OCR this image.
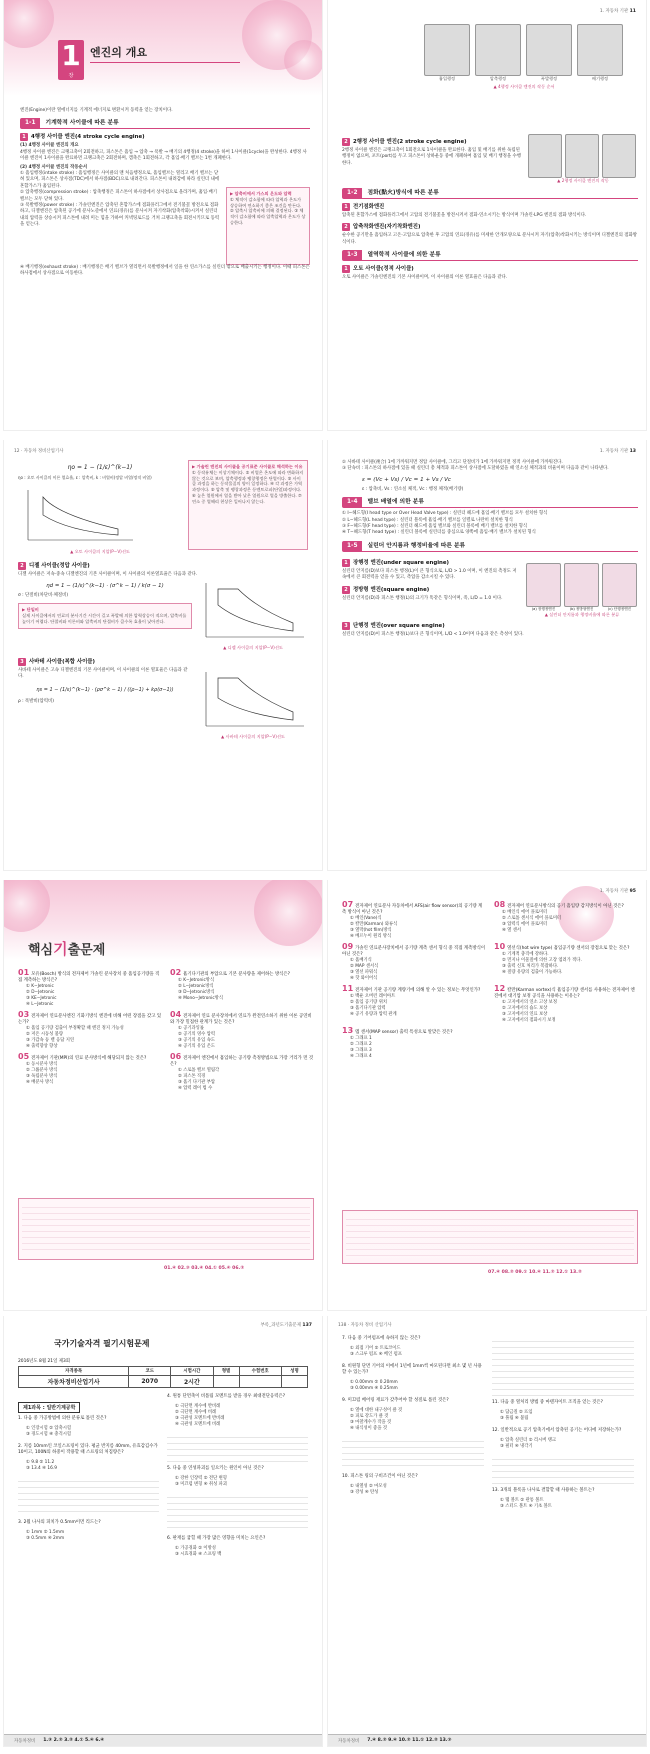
1
장
엔진의 개요
엔진(Engine)이란 열에너지를 기계적 에너지로 변환시켜 동력을 얻는 장치이다.
1-1	기계학적 사이클에 따른 분류
1 4행정 사이클 엔진(4 stroke cycle engine)
(1) 4행정 사이클 엔진의 개요
4행정 사이클 엔진은 크랭크축이 2회전하고, 피스톤은 흡입 → 압축 → 폭발 → 배기의 4행정(4 stroke)을 하여 1사이클(1cycle)을 완성한다. 4행정 사이클 엔진이 1사이클을 완료하면 크랭크축은 2회전하며, 캠축은 1회전하고, 각 흡입·배기 밸브는 1번 개폐한다.
(2) 4행정 사이클 엔진의 작동순서
① 흡입행정(intake stroke) : 흡입행정은 사이클의 맨 처음행정으로, 흡입밸브는 열리고 배기 밸브는 닫혀 있으며, 피스톤은 상사점(TDC)에서 하사점(BDC)으로 내려간다. 피스톤이 내려감에 따라 실린더 내에 혼합가스가 흡입된다.
② 압축행정(compression stroke) : 압축행정은 피스톤이 하사점에서 상사점으로 올라가며, 흡입·배기 밸브는 모두 닫혀 있다.
③ 폭발행정(power stroke) : 가솔린엔진은 압축된 혼합가스에 점화플러그에서 전기불꽃 방전으로 점화하고, 디젤엔진은 압축된 공기에 분사노즐에서 연료(경유)를 분사시켜 자기착화(압축착화)시켜서 실린더 내의 압력을 상승시켜 피스톤에 내려 미는 힘을 가하여 커넥팅로드를 거쳐 크랭크축을 회전시키므로 동력을 얻는다.
▶ 압축비에서 가스의 온도와 압력
① 체적이 감소함에 따라 압력과 온도가 상승하여 연소하기 좋은 조건을 만든다. ② 압축시 압축비에 의해 결정된다. ③ 체적이 감소함에 따라 압축압력과 온도가 상승한다.
④ 배기행정(exhaust stroke) : 배기행정은 배기 밸브가 열리면서 폭발행정에서 일을 한 연소가스를 실린더 밖으로 배출시키는 행정이다. 이때 피스톤은 하사점에서 상사점으로 이동한다.
1. 자동차 기관 11
흡입행정	압축행정	폭발행정	배기행정
▲ 4행정 사이클 엔진의 작동 순서
2 2행정 사이클 엔진(2 stroke cycle engine)
2행정 사이클 엔진은 크랭크축이 1회전으로 1사이클을 완료한다. 흡입 및 배기를 위한 독립된 행정이 없으며, 포트(port)를 두고 피스톤이 상하운동 중에 개폐하여 흡입 및 배기 행정을 수행한다.
▲ 2행정 사이클 엔진의 작동
1-2	점화(點火)방식에 따른 분류
1 전기점화엔진
압축된 혼합가스에 점화플러그에서 고압의 전기불꽃을 방전시켜서 점화·연소시키는 방식이며 가솔린·LPG 엔진의 점화 방식이다.
2 압축착화엔진(자기착화엔진)
순수한 공기만을 흡입하고 고온·고압으로 압축한 후 고압의 연료(경유)를 미세한 안개모양으로 분사시켜 자기(압축)착화시키는 방식이며 디젤엔진의 점화방식이다.
1-3	열역학적 사이클에 의한 분류
1 오토 사이클(정적 사이클)
오토 사이클은 가솔린엔진의 기본 사이클이며, 이 사이클의 이론 열효율은 다음과 같다.
12 · 자동차 정비산업기사
ηo = 1 − (1/ε)^(k−1)
ηo : 오토 사이클의 이론 열효율, ε : 압축비, k : 비열비(정압 비열/정적 비열)
▲ 오토 사이클의 지압(P−V)선도
▶ 가솔린 엔진의 사이클을 공기표준 사이클로 해석하는 이유
① 동작유체는 이상기체이다. ② 비열은 온도에 따라 변화하지 않는 것으로 보며, 압축행정과 팽창행정은 단열이다. ③ 사이클 과정을 하는 동작물질의 양이 일정하다. ④ 각 과정은 가역과정이다. ⑤ 압축 및 팽창과정은 등엔트로피(단열)과정이다. ⑥ 높은 열원에서 열을 받아 낮은 열원으로 열을 방출한다. ⑦ 연소 중 열해리 현상은 일어나지 않는다.
2 디젤 사이클(정압 사이클)
디젤 사이클은 저속·중속 디젤엔진의 기본 사이클이며, 이 사이클의 이론열효율은 다음과 같다.
ηd = 1 − (1/ε)^(k−1) · (σ^k − 1) / k(σ − 1)
σ : 단절비(차단비·체절비)
▶ 단일비
실제 사이클에서의 연료의 분사기간 시간이 길고 폭발에 의한 압력상승이 적으며, 압축비를 높이기 어렵다. 단절비와 이론비와 압축비의 단절비가 클수록 효율이 낮아진다.
▲ 디젤 사이클의 지압(P−V)선도
3 사바테 사이클(복합 사이클)
사바테 사이클은 고속 디젤엔진의 기본 사이클이며, 이 사이클의 이론 열효율은 다음과 같다.
ηs = 1 − (1/ε)^(k−1) · (ρσ^k − 1) / ((ρ−1) + kρ(σ−1))
ρ : 폭발비(압력비)
▲ 사바테 사이클의 지압(P−V)선도
1. 자동차 기관 13
② 사바테 사이클(複合) 1에 가까워지면 정압 사이클에, 그리고 단절비가 1에 가까워지면 정적 사이클에 가까워진다.
③ 단속비 : 피스톤의 하사점에 있을 때 실린더 총 체적과 피스톤이 상사점에 도달하였을 때 연소실 체적과의 비율이며 다음과 같이 나타낸다.
ε = (Vc + Vs) / Vc = 1 + Vs / Vc
ε : 압축비, Vs : 연소실 체적, Vc : 행정 체적(배기량)
1-4	밸브 배열에 의한 분류
① I−헤드형(I head type or Over Head Valve type) : 실린더 헤드에 흡입·배기 밸브를 모두 설치한 형식
② L−헤드형(L head type) : 실린더 블록에 흡입·배기 밸브를 일렬로 나란히 설치한 형식
③ F−헤드형(F head type) : 실린더 헤드에 흡입 밸브와 실린더 블록에 배기 밸브를 설치한 형식
④ T−헤드형(T head type) : 실린더 블록에 실린더를 중심으로 양쪽에 흡입·배기 밸브가 설치된 형식
1-5	실린더 안지름과 행정비율에 따른 분류
1 장행정 엔진(under square engine)
실린더 안지름(D)보다 피스톤 행정(L)이 큰 형식으로, L/D > 1.0 이며, 이 엔진의 측정도 저속에서 큰 회전력을 얻을 수 있고, 측압을 감소시킬 수 있다.
2 정방형 엔진(square engine)
실린더 안지름(D)과 피스톤 행정(L)의 크기가 똑같은 형식이며, 즉, L/D = 1.0 이다.
(a) 장행정엔진	(b) 정방형엔진	(c) 단행정엔진
▲ 실린더 안지름과 행정비율에 따른 분류
3 단행정 엔진(over square engine)
실린더 안지름(D)이 피스톤 행정(L)보다 큰 형식이며, L/D < 1.0이며 다음과 같은 측성이 있다.
핵심기출문제
01 모유(Bosch) 방식의 전자제어 가솔린 분사장치 중 흡입공기량을 직접 계측하는 방식은?
① K−Jetronic
② D−Jetronic
③ KE−Jetronic
④ L−Jetronic
02 흡기다기관의 부압으로 기본 분사량을 제어하는 방식은?
① K−Jetronic방식
② L−Jetronic방식
③ D−Jetronic방식
④ Mono−Jetronic방식
03 전자제어 연료분사엔진 기화기방식 엔진에 비해 어떤 장점을 갖고 있는가?
① 흡입 공기량 검출이 부정확할 때 엔진 정지 가능성
② 저온 시동성 불량
③ 가감속 등 밸 응답 지연
④ 출력향상 향상
04 전자제어 연료 분사장치에서 연료가 완전연소하기 위한 이론 공연비와 가장 밀접한 관계가 있는 것은?
① 공기과잉률
② 공기의 영수 압력
③ 공기의 유입 속도
④ 공기의 유입 온도
05 전자제어 기관(MPI)의 연료 분사방식에 해당되지 않는 것은?
① 동시분사 방식
② 그룹분사 방식
③ 독립분사 방식
④ 배분사 방식
06 전자제어 엔진에서 흡입하는 공기량 측정방법으로 가장 거리가 먼 것은?
① 스로틀 밸브 열림각
② 피스톤 직경
③ 흡기 다기관 부압
④ 압력 레이 법 수
01.④ 02.③ 03.④ 04.① 05.④ 06.②
1. 자동차 기관 95
07 전자제어 연료분사 자동차에서 AFS(air flow sensor)의 공기량 계측 방식이 아닌 것은?
① 베인(Vane)식
② 칼만(Karman) 와류식
③ 열막(hot film)방식
④ 베르누이 원리 방식
08 전자제어 연료분사방식의 공기 흡입량 감지방식이 아닌 것은?
① 베인식 에어 플로미터
② 스로틀 센서식 에어 플로미터
③ 압력식 에어 플로미터
④ 열 센서
09 가솔린 연료분사장치에서 공기량 계측 센서 형식 중 직접 계측방식이 아닌 것은?
① 흡배기식
② MAP 센서식
③ 열선 파워식
④ 핫 와이어식
10 열선식(hot wire type) 흡입공기량 센서의 장점으로 맞는 것은?
① 기계적 충격에 강하다.
② 먼지나 이물질에 의한 고장 염려가 적다.
③ 출력 신호 처리가 복잡하다.
④ 질량 유량의 검출이 가능하다.
11 전자제어 기관 공기량 계량기에 의해 알 수 있는 정보는 무엇인가?
① 백운 오버런 레이아트
② 흡입 공기량 위치
③ 흡기다기관 압력
④ 공기 유량과 압력 관계
12 칼만(Karman vortex)식 흡입공기량 센서를 사용하는 전자제어 엔진에서 대기압 보정 공식을 사용하는 이유는?
① 고지에서의 연소 고상 보정
② 고지에서의 습도 보상
③ 고지에서의 연료 보상
④ 고지에서의 점화시기 보정
13 맵 센서(MAP sensor) 출력 특성으로 알맞은 것은?
① 그래프 1
② 그래프 2
③ 그래프 3
④ 그래프 4
07.④ 08.② 09.① 10.④ 11.② 12.① 13.②
부록_과년도기출문제 137
국가기술자격 필기시험문제
2016년도 8월 21일 제3회
자격종목	코드	시험시간	형별	수험번호	성명
자동차정비산업기사	2070	2시간			
제1과목 : 일반기계공학
1. 다음 중 가공방법에 의한 분류로 틀린 것은?
① 인장시험 ② 압축시험
③ 경도시험 ④ 충격시험
2. 지름 10mm인 코일스프링이 있다. 평균 반지름 40mm, 유효감김수가 10이고, 100N의 하중이 작용할 때 스프링의 처짐량은?
① 9.8 ② 11.2
③ 13.4 ④ 16.9
3. 2월 나사의 피치가 0.5mm이면 리드는?
① 1mm ② 1.5mm
③ 0.5mm ④ 2mm
4. 원통 단면축이 비틀림 모멘트를 받을 경우 최대전단응력은?
① 극단면 계수에 반비례
② 극단면 계수에 비례
③ 극관성 모멘트에 반비례
④ 극관성 모멘트에 비례
5. 다음 중 연성파괴를 일으키는 원인이 아닌 것은?
① 강한 인장력 ② 전단 변형
③ 미끄럼 변형 ④ 취성 파괴
6. 판재를 굽힐 때 가장 많은 영향을 미치는 요인은?
① 가공경화 ② 이방성
③ 시효경화 ④ 스프링 백
자동차정비 1.③ 2.② 3.② 4.① 5.④ 6.④
138 · 자동차 정비 산업기사
7. 다음 중 기어펌프에 속하지 않는 것은?
① 외접 기어 ② 트로코이드
③ 스크루 펌프 ④ 베인 펌프
8. 비원형 단면 기어의 이에서 1년에 1mm씩 마모된다면 최소 몇 년 사용할 수 있는가?
① 0.00mm ② 0.20mm
③ 0.00mm ④ 0.25mm
9. 미끄럼 베어링 재료가 갖추어야 할 성질로 틀린 것은?
① 열에 대한 내구성이 클 것
② 피로 강도가 클 것
③ 마찰계수가 작을 것
④ 내식성이 좋을 것
10. 피스톤 링의 구비조건이 아닌 것은?
① 내열성 ② 마모성
③ 강성 ④ 탄성
11. 다음 중 열처리 방법 중 마텐자이트 조직을 얻는 것은?
① 담금질 ② 뜨임
③ 풀림 ④ 불림
12. 일반적으로 공기 압축기에서 압축된 공기는 어디에 저장하는가?
① 압축 실린더 ② 리시버 탱크
③ 필터 ④ 냉각기
13. 3개의 블록을 나사로 결합할 때 사용하는 볼트는?
① 탭 볼트 ② 관통 볼트
③ 스터드 볼트 ④ 기초 볼트
자동차정비 7.④ 8.② 9.④ 10.② 11.① 12.② 13.③
